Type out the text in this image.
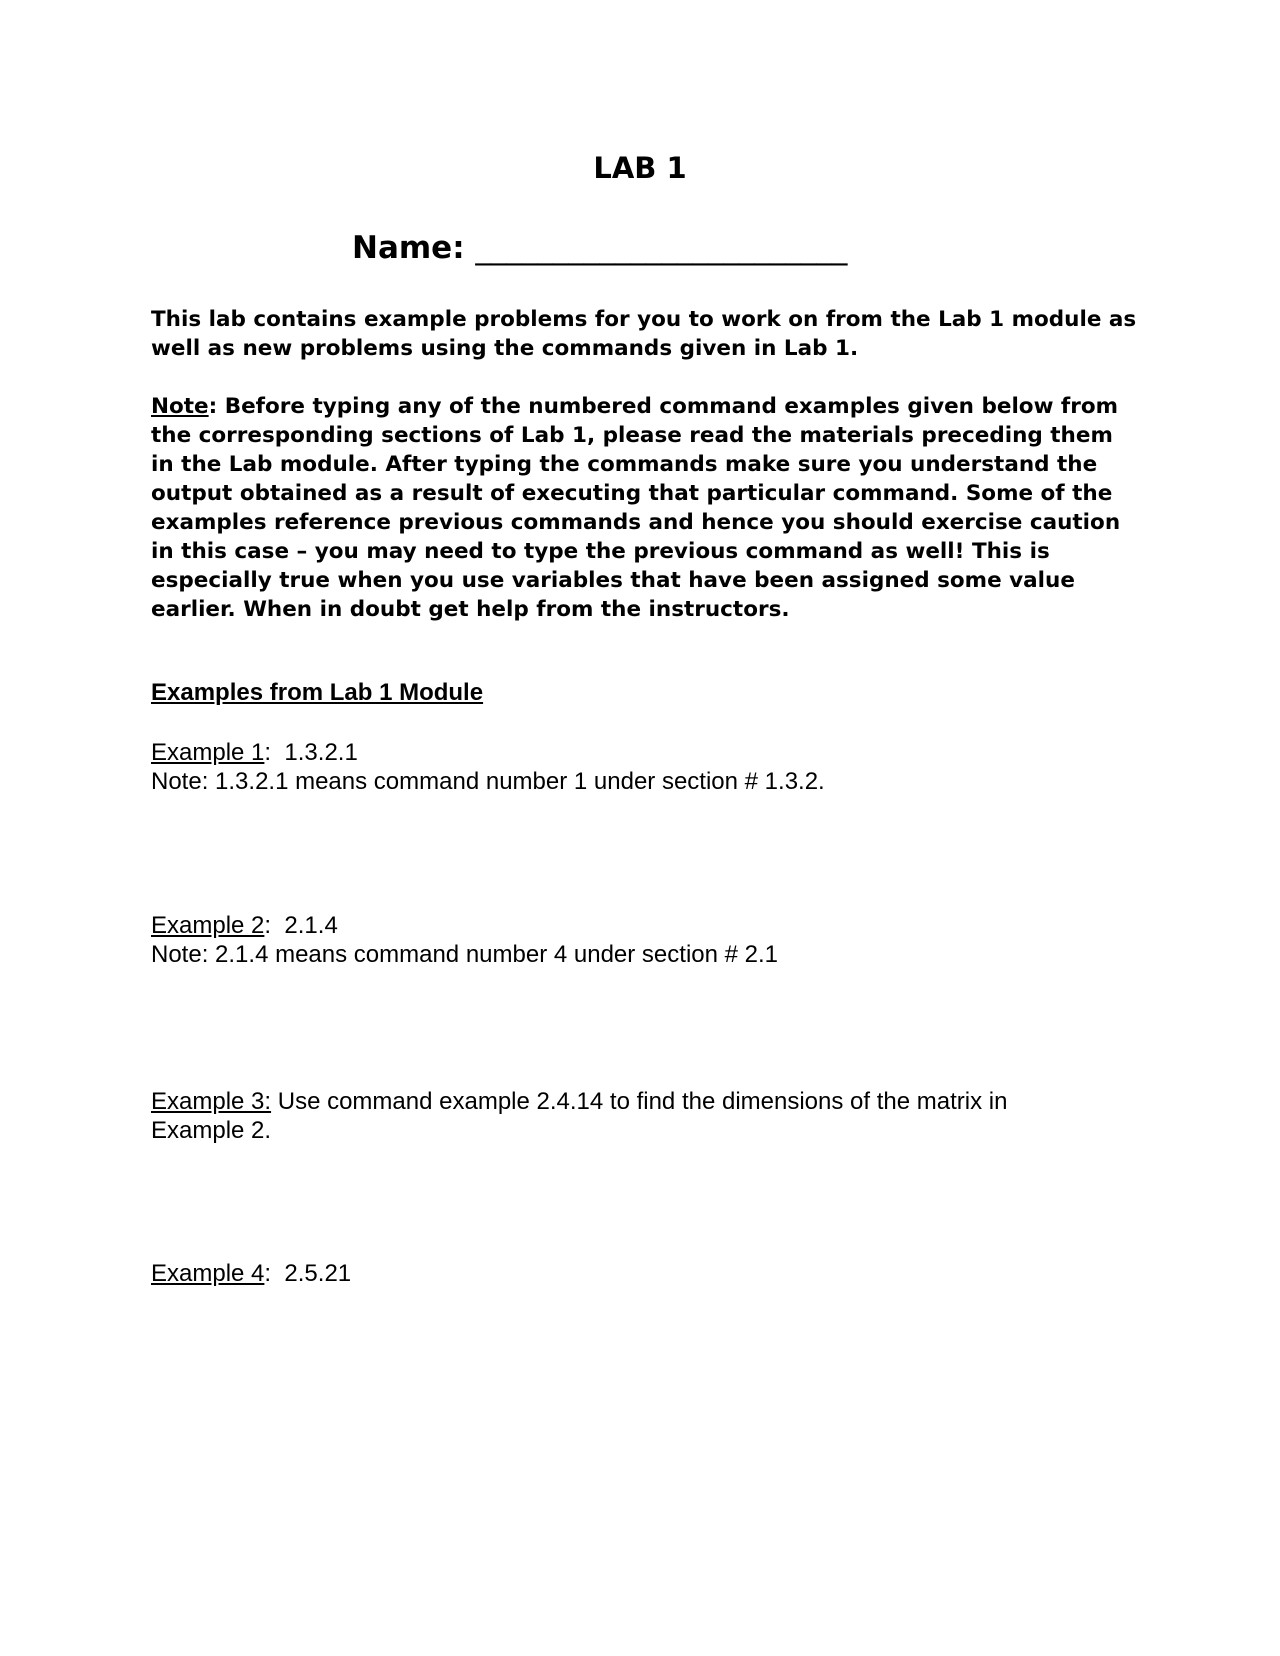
LAB 1
Name: ________________________
This lab contains example problems for you to work on from the Lab 1 module as well as new problems using the commands given in Lab 1.
Note: Before typing any of the numbered command examples given below from the corresponding sections of Lab 1, please read the materials preceding them in the Lab module. After typing the commands make sure you understand the output obtained as a result of executing that particular command. Some of the examples reference previous commands and hence you should exercise caution in this case – you may need to type the previous command as well! This is especially true when you use variables that have been assigned some value earlier. When in doubt get help from the instructors.
Examples from Lab 1 Module
Example 1:  1.3.2.1
Note: 1.3.2.1 means command number 1 under section # 1.3.2.
Example 2:  2.1.4
Note: 2.1.4 means command number 4 under section # 2.1
Example 3: Use command example 2.4.14 to find the dimensions of the matrix in Example 2.
Example 4:  2.5.21
